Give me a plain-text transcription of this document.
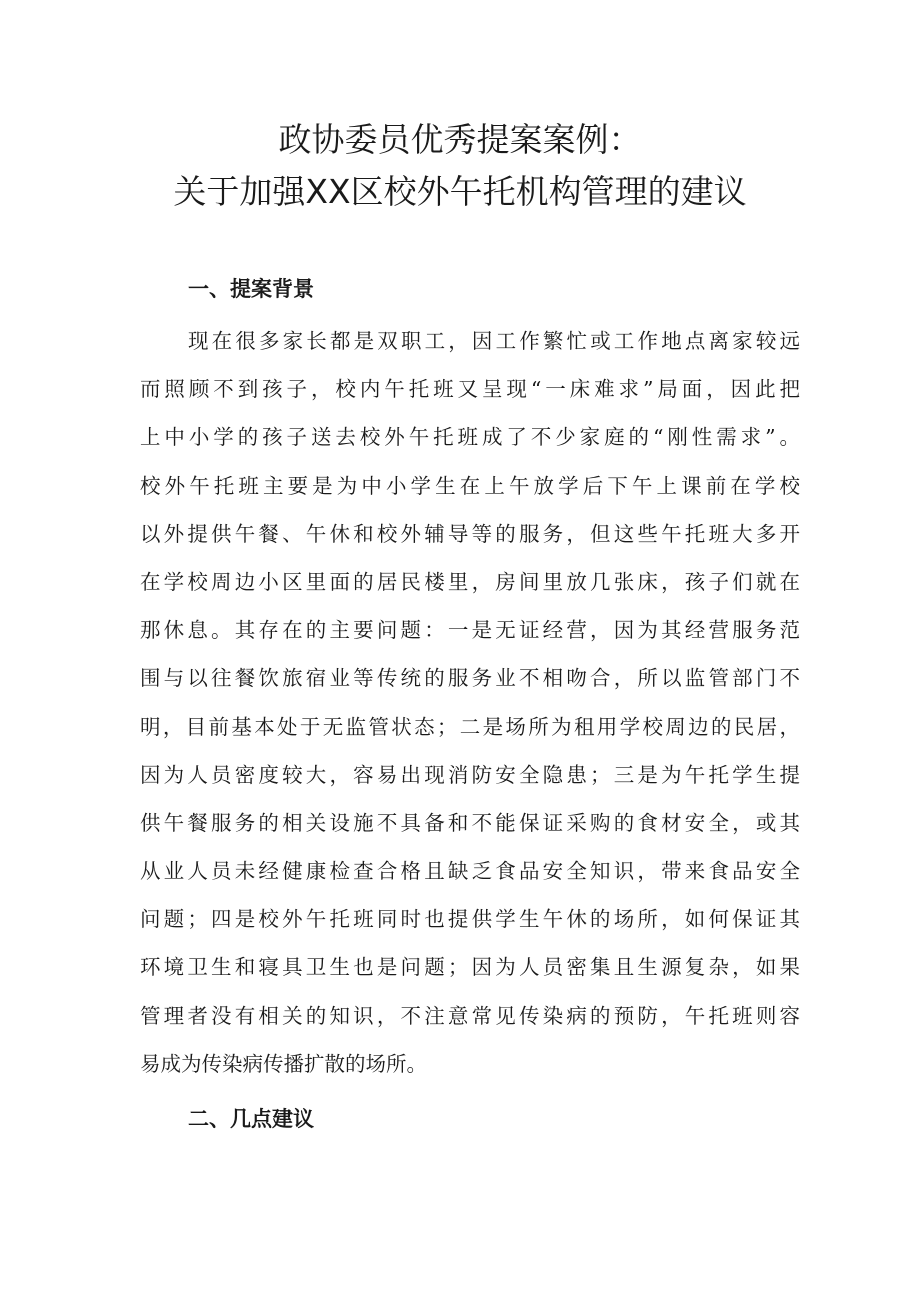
政协委员优秀提案案例：
关于加强XX区校外午托机构管理的建议
一、提案背景
现在很多家长都是双职工，因工作繁忙或工作地点离家较远
而照顾不到孩子，校内午托班又呈现“一床难求”局面，因此把
上中小学的孩子送去校外午托班成了不少家庭的“刚性需求”。
校外午托班主要是为中小学生在上午放学后下午上课前在学校
以外提供午餐、午休和校外辅导等的服务，但这些午托班大多开
在学校周边小区里面的居民楼里，房间里放几张床，孩子们就在
那休息。其存在的主要问题：一是无证经营，因为其经营服务范
围与以往餐饮旅宿业等传统的服务业不相吻合，所以监管部门不
明，目前基本处于无监管状态；二是场所为租用学校周边的民居，
因为人员密度较大，容易出现消防安全隐患；三是为午托学生提
供午餐服务的相关设施不具备和不能保证采购的食材安全，或其
从业人员未经健康检查合格且缺乏食品安全知识，带来食品安全
问题；四是校外午托班同时也提供学生午休的场所，如何保证其
环境卫生和寝具卫生也是问题；因为人员密集且生源复杂，如果
管理者没有相关的知识，不注意常见传染病的预防，午托班则容
易成为传染病传播扩散的场所。
二、几点建议
